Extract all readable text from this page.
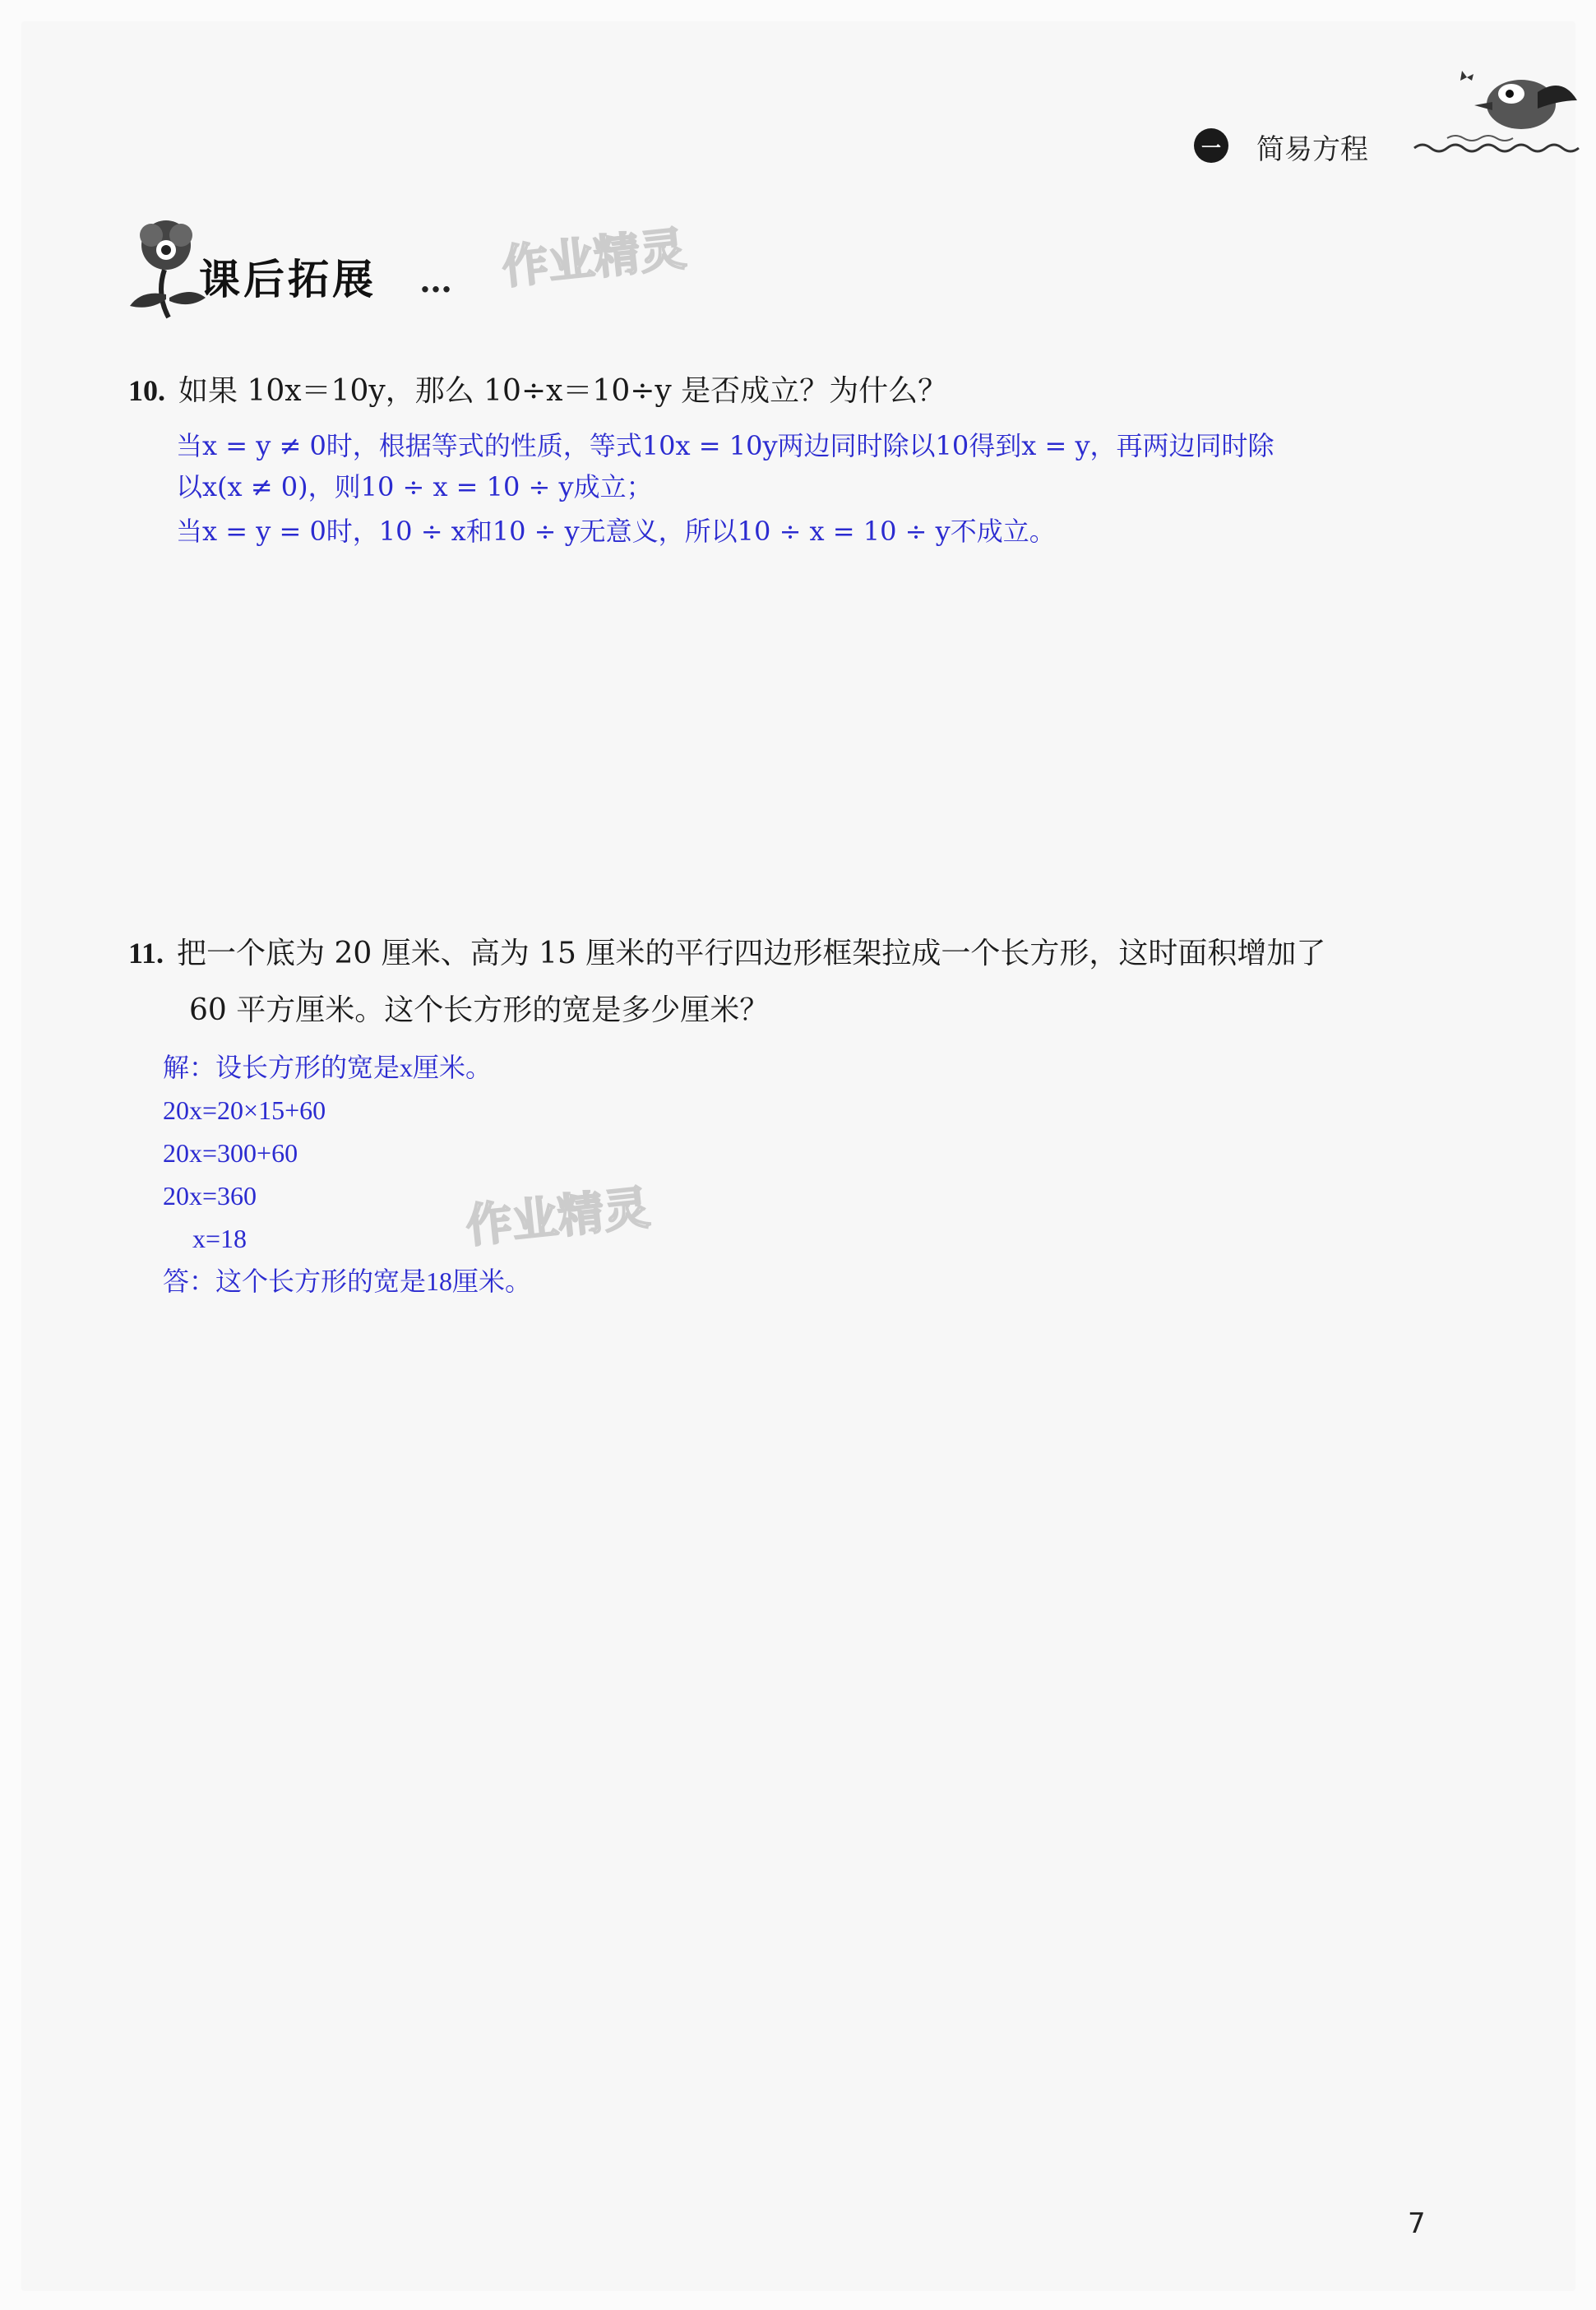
一 简易方程
课后拓展 … 作业精灵
10. 如果 10x＝10y，那么 10÷x＝10÷y 是否成立？为什么？
当x = y ≠ 0时，根据等式的性质，等式10x = 10y两边同时除以10得到x = y，再两边同时除
以x(x ≠ 0)，则10 ÷ x = 10 ÷ y成立；
当x = y = 0时，10 ÷ x和10 ÷ y无意义，所以10 ÷ x = 10 ÷ y不成立。
11. 把一个底为 20 厘米、高为 15 厘米的平行四边形框架拉成一个长方形，这时面积增加了
60 平方厘米。这个长方形的宽是多少厘米？
解：设长方形的宽是x厘米。
20x=20×15+60
20x=300+60
20x=360
x=18
答：这个长方形的宽是18厘米。
作业精灵
7
